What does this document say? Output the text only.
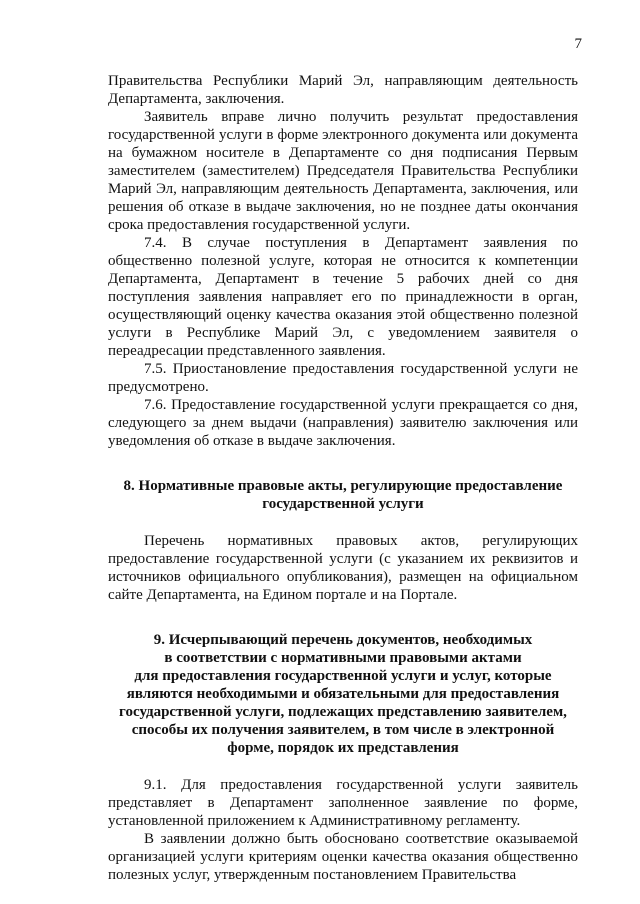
7

Правительства Республики Марий Эл, направляющим деятельность Департамента, заключения.

Заявитель вправе лично получить результат предоставления государственной услуги в форме электронного документа или документа на бумажном носителе в Департаменте со дня подписания Первым заместителем (заместителем) Председателя Правительства Республики Марий Эл, направляющим деятельность Департамента, заключения, или решения об отказе в выдаче заключения, но не позднее даты окончания срока предоставления государственной услуги.

7.4. В случае поступления в Департамент заявления по общественно полезной услуге, которая не относится к компетенции Департамента, Департамент в течение 5 рабочих дней со дня поступления заявления направляет его по принадлежности в орган, осуществляющий оценку качества оказания этой общественно полезной услуги в Республике Марий Эл, с уведомлением заявителя о переадресации представленного заявления.

7.5. Приостановление предоставления государственной услуги не предусмотрено.

7.6. Предоставление государственной услуги прекращается со дня, следующего за днем выдачи (направления) заявителю заключения или уведомления об отказе в выдаче заключения.

8. Нормативные правовые акты, регулирующие предоставление

государственной услуги

Перечень нормативных правовых актов, регулирующих предоставление государственной услуги (с указанием их реквизитов и источников официального опубликования), размещен на официальном сайте Департамента, на Едином портале и на Портале.

9. Исчерпывающий перечень документов, необходимых

в соответствии с нормативными правовыми актами

для предоставления государственной услуги и услуг, которые

являются необходимыми и обязательными для предоставления

государственной услуги, подлежащих представлению заявителем,

способы их получения заявителем, в том числе в электронной

форме, порядок их представления

9.1. Для предоставления государственной услуги заявитель представляет в Департамент заполненное заявление по форме, установленной приложением к Административному регламенту.

В заявлении должно быть обосновано соответствие оказываемой организацией услуги критериям оценки качества оказания общественно полезных услуг, утвержденным постановлением Правительства
